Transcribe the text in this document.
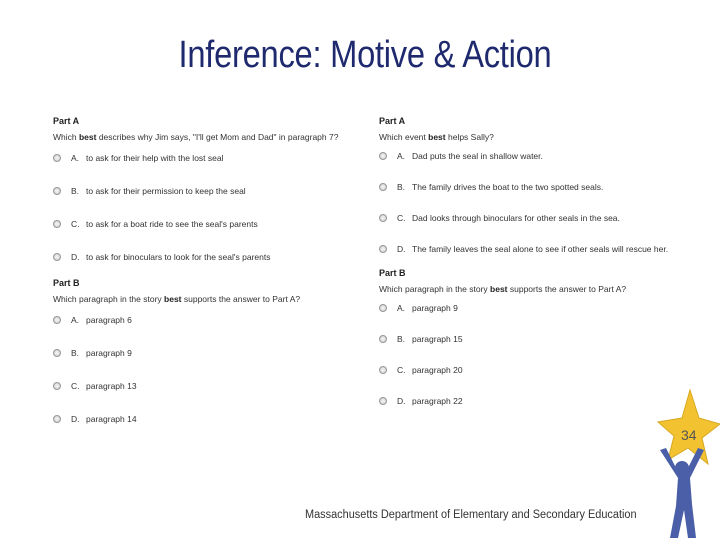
Inference: Motive & Action
Part A
Which best describes why Jim says, "I'll get Mom and Dad" in paragraph 7?
A. to ask for their help with the lost seal
B. to ask for their permission to keep the seal
C. to ask for a boat ride to see the seal's parents
D. to ask for binoculars to look for the seal's parents
Part B
Which paragraph in the story best supports the answer to Part A?
A. paragraph 6
B. paragraph 9
C. paragraph 13
D. paragraph 14
Part A
Which event best helps Sally?
A. Dad puts the seal in shallow water.
B. The family drives the boat to the two spotted seals.
C. Dad looks through binoculars for other seals in the sea.
D. The family leaves the seal alone to see if other seals will rescue her.
Part B
Which paragraph in the story best supports the answer to Part A?
A. paragraph 9
B. paragraph 15
C. paragraph 20
D. paragraph 22
34
Massachusetts Department of Elementary and Secondary Education
